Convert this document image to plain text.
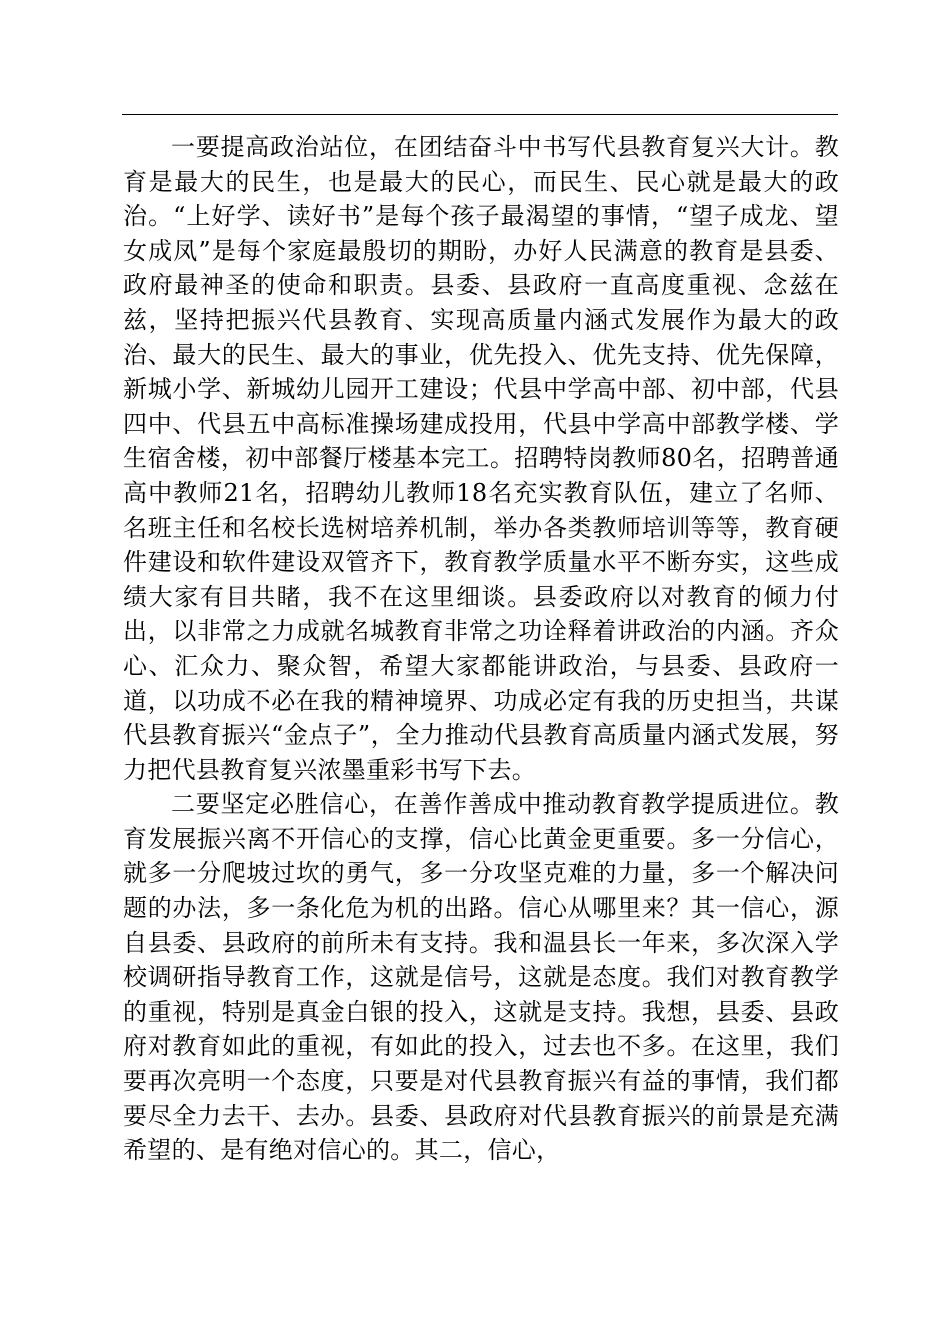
一要提高政治站位，在团结奋斗中书写代县教育复兴大计。教育是最大的民生，也是最大的民心，而民生、民心就是最大的政治。“上好学、读好书”是每个孩子最渴望的事情，“望子成龙、望女成凤”是每个家庭最殷切的期盼，办好人民满意的教育是县委、政府最神圣的使命和职责。县委、县政府一直高度重视、念兹在兹，坚持把振兴代县教育、实现高质量内涵式发展作为最大的政治、最大的民生、最大的事业，优先投入、优先支持、优先保障，新城小学、新城幼儿园开工建设；代县中学高中部、初中部，代县四中、代县五中高标准操场建成投用，代县中学高中部教学楼、学生宿舍楼，初中部餐厅楼基本完工。招聘特岗教师80名，招聘普通高中教师21名，招聘幼儿教师18名充实教育队伍，建立了名师、名班主任和名校长选树培养机制，举办各类教师培训等等，教育硬件建设和软件建设双管齐下，教育教学质量水平不断夯实，这些成绩大家有目共睹，我不在这里细谈。县委政府以对教育的倾力付出，以非常之力成就名城教育非常之功诠释着讲政治的内涵。齐众心、汇众力、聚众智，希望大家都能讲政治，与县委、县政府一道，以功成不必在我的精神境界、功成必定有我的历史担当，共谋代县教育振兴“金点子”，全力推动代县教育高质量内涵式发展，努力把代县教育复兴浓墨重彩书写下去。

二要坚定必胜信心，在善作善成中推动教育教学提质进位。教育发展振兴离不开信心的支撑，信心比黄金更重要。多一分信心，就多一分爬坡过坎的勇气，多一分攻坚克难的力量，多一个解决问题的办法，多一条化危为机的出路。信心从哪里来？其一信心，源自县委、县政府的前所未有支持。我和温县长一年来，多次深入学校调研指导教育工作，这就是信号，这就是态度。我们对教育教学的重视，特别是真金白银的投入，这就是支持。我想，县委、县政府对教育如此的重视，有如此的投入，过去也不多。在这里，我们要再次亮明一个态度，只要是对代县教育振兴有益的事情，我们都要尽全力去干、去办。县委、县政府对代县教育振兴的前景是充满希望的、是有绝对信心的。其二，信心，
